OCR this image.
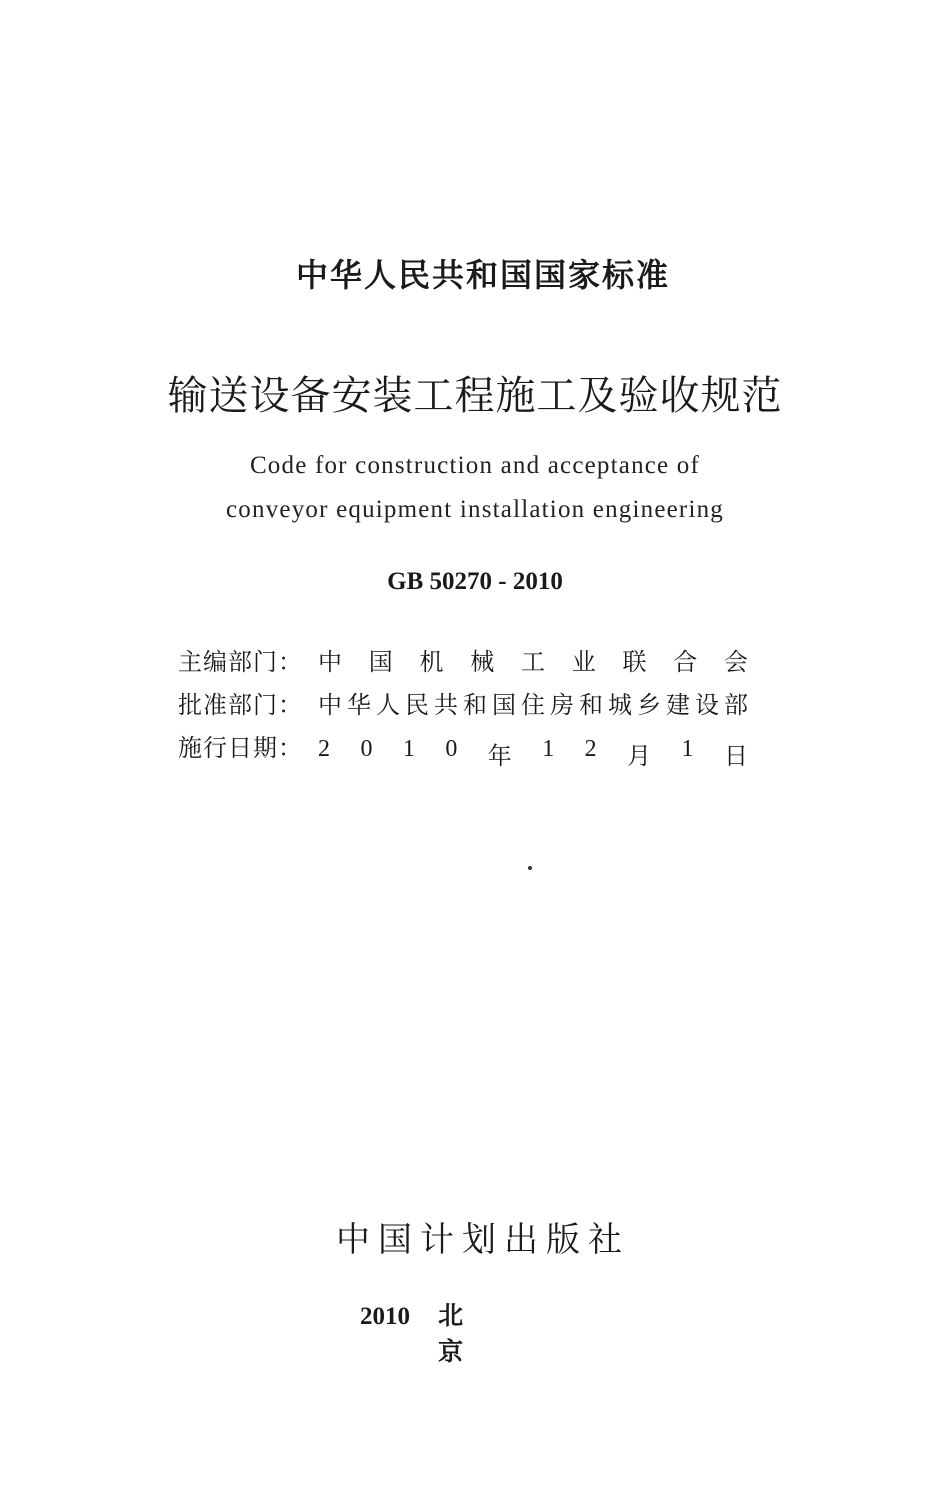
中华人民共和国国家标准
输送设备安装工程施工及验收规范
Code for construction and acceptance of
conveyor equipment installation engineering
GB 50270 - 2010
主编部门： 中 国 机 械 工 业 联 合 会
批准部门： 中 华 人 民 共 和 国 住 房 和 城 乡 建 设 部
施行日期： 2 0 1 0 年 1 2 月 1 日
中国计划出版社
2010	北京
